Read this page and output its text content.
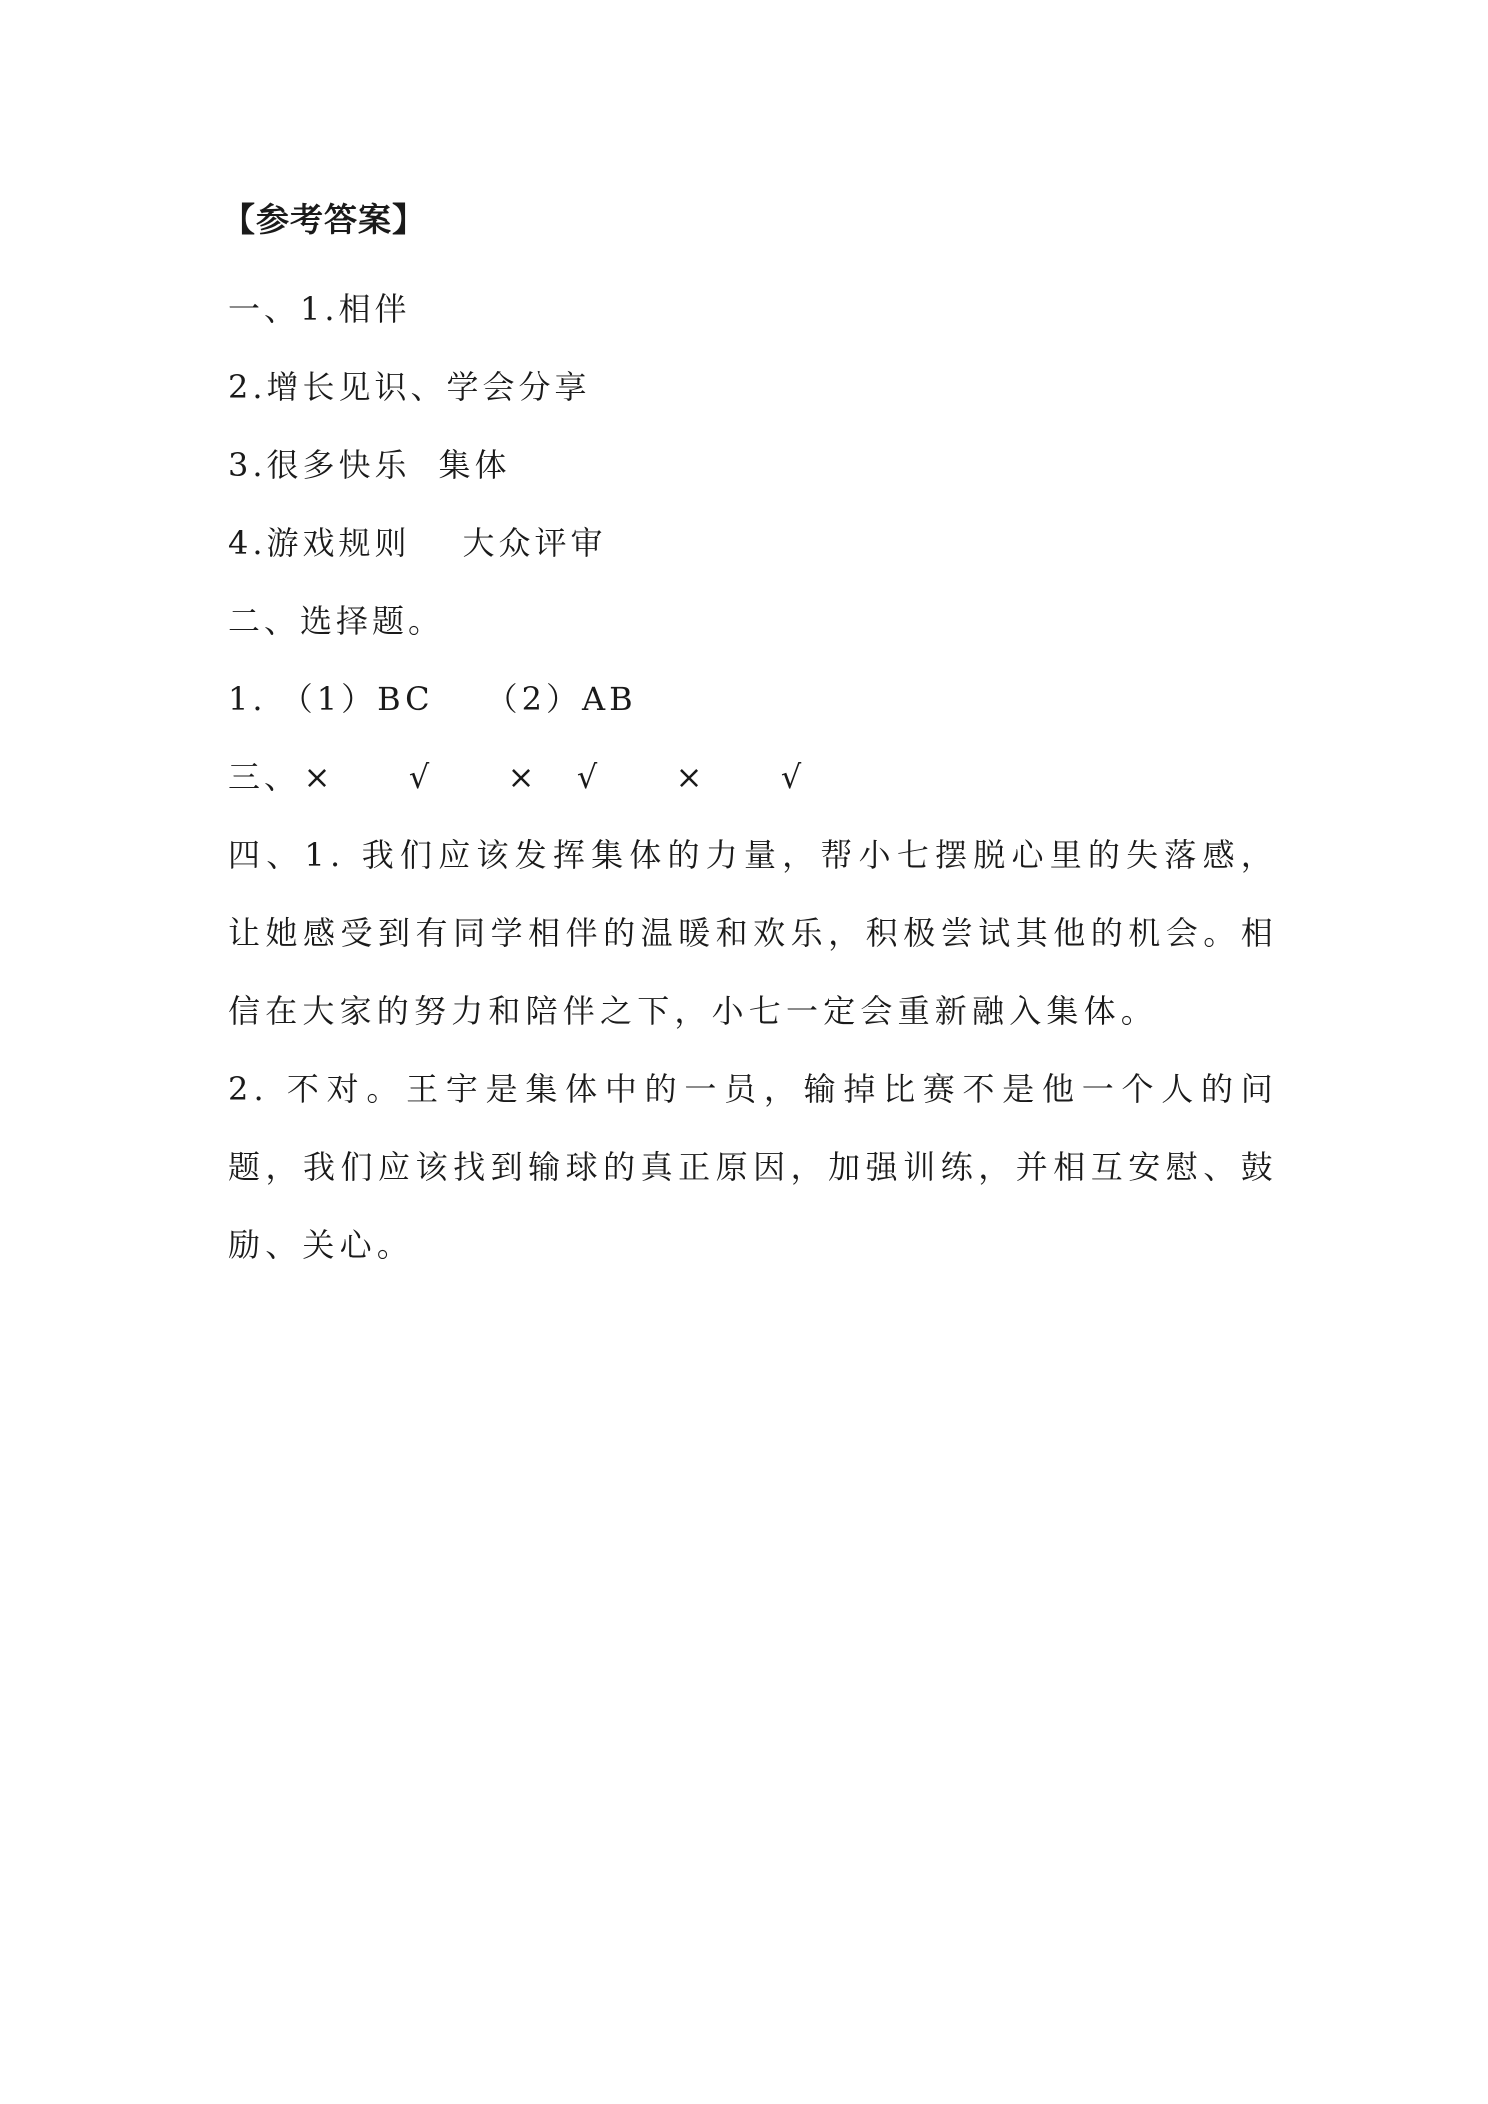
【参考答案】
一、1.相伴
2.增长见识、学会分享
3.很多快乐 集体
4.游戏规则 大众评审
二、选择题。
1. （1）BC （2）AB
三、 × √ × √ × √
四、1. 我们应该发挥集体的力量，帮小七摆脱心里的失落感，让她感受到有同学相伴的温暖和欢乐，积极尝试其他的机会。相信在大家的努力和陪伴之下，小七一定会重新融入集体。
2. 不对。王宇是集体中的一员，输掉比赛不是他一个人的问题，我们应该找到输球的真正原因，加强训练，并相互安慰、鼓励、关心。
